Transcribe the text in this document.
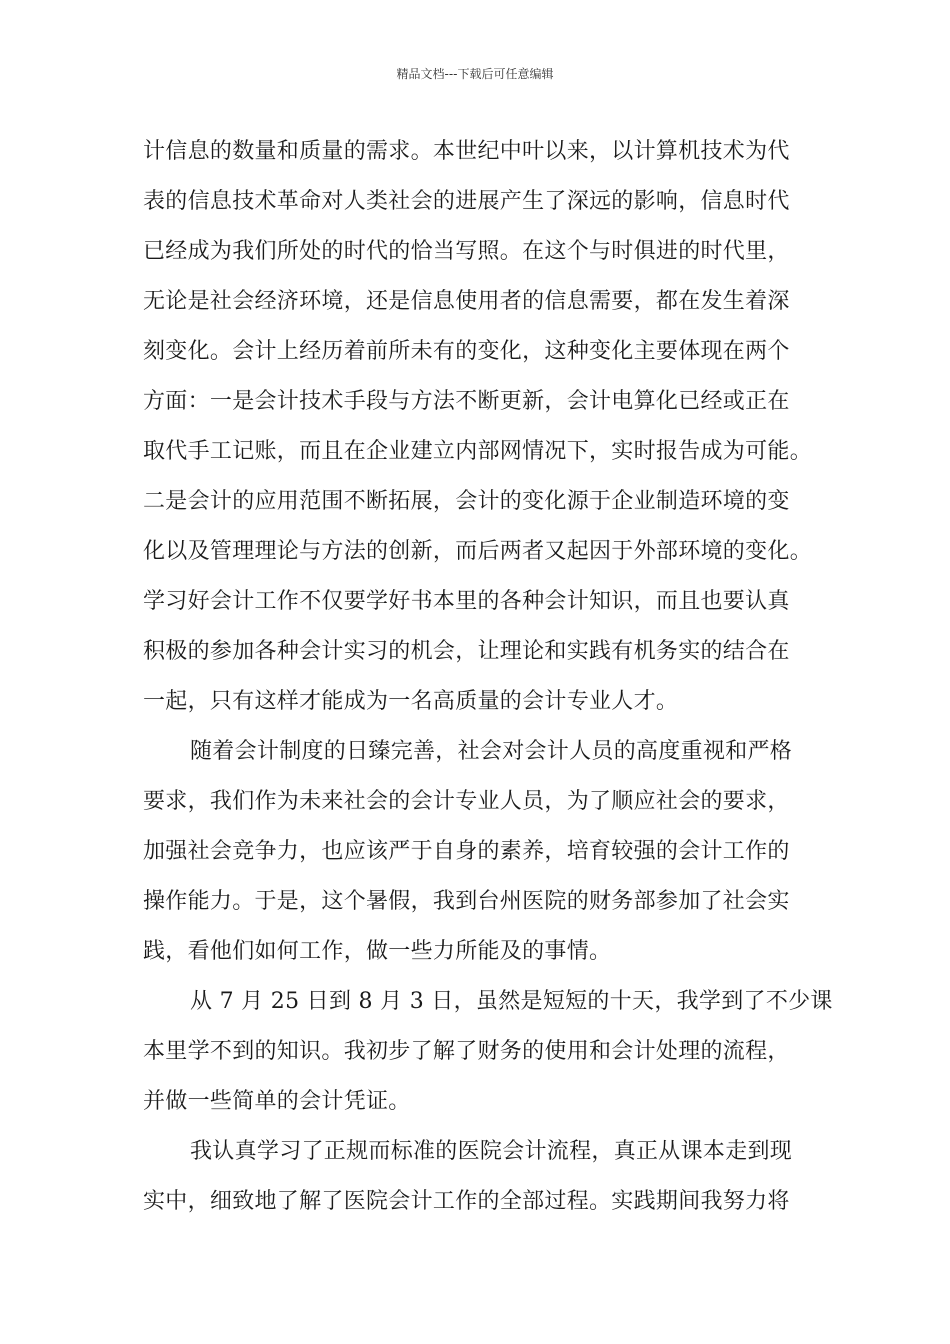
精品文档---下载后可任意编辑
计信息的数量和质量的需求。本世纪中叶以来，以计算机技术为代
表的信息技术革命对人类社会的进展产生了深远的影响，信息时代
已经成为我们所处的时代的恰当写照。在这个与时俱进的时代里，
无论是社会经济环境，还是信息使用者的信息需要，都在发生着深
刻变化。会计上经历着前所未有的变化，这种变化主要体现在两个
方面：一是会计技术手段与方法不断更新，会计电算化已经或正在
取代手工记账，而且在企业建立内部网情况下，实时报告成为可能。
二是会计的应用范围不断拓展，会计的变化源于企业制造环境的变
化以及管理理论与方法的创新，而后两者又起因于外部环境的变化。
学习好会计工作不仅要学好书本里的各种会计知识，而且也要认真
积极的参加各种会计实习的机会，让理论和实践有机务实的结合在
一起，只有这样才能成为一名高质量的会计专业人才。
随着会计制度的日臻完善，社会对会计人员的高度重视和严格
要求，我们作为未来社会的会计专业人员，为了顺应社会的要求，
加强社会竞争力，也应该严于自身的素养，培育较强的会计工作的
操作能力。于是，这个暑假，我到台州医院的财务部参加了社会实
践，看他们如何工作，做一些力所能及的事情。
从 7 月 25 日到 8 月 3 日，虽然是短短的十天，我学到了不少课
本里学不到的知识。我初步了解了财务的使用和会计处理的流程，
并做一些简单的会计凭证。
我认真学习了正规而标准的医院会计流程，真正从课本走到现
实中，细致地了解了医院会计工作的全部过程。实践期间我努力将
